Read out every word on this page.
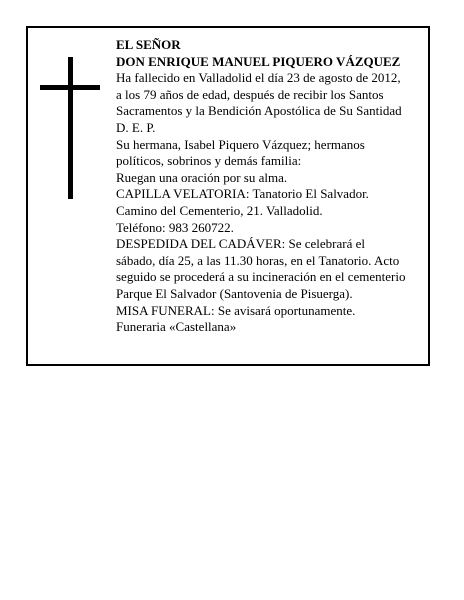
EL SEÑOR
DON ENRIQUE MANUEL PIQUERO VÁZQUEZ
Ha fallecido en Valladolid el día 23 de agosto de 2012,
a los 79 años de edad, después de recibir los Santos
Sacramentos y la Bendición Apostólica de Su Santidad
D. E. P.
Su hermana, Isabel Piquero Vázquez; hermanos
políticos, sobrinos y demás familia:
Ruegan una oración por su alma.
CAPILLA VELATORIA: Tanatorio El Salvador.
Camino del Cementerio, 21. Valladolid.
Teléfono: 983 260722.
DESPEDIDA DEL CADÁVER: Se celebrará el
sábado, día 25, a las 11.30 horas, en el Tanatorio. Acto
seguido se procederá a su incineración en el cementerio
Parque El Salvador (Santovenia de Pisuerga).
MISA FUNERAL: Se avisará oportunamente.
Funeraria «Castellana»
